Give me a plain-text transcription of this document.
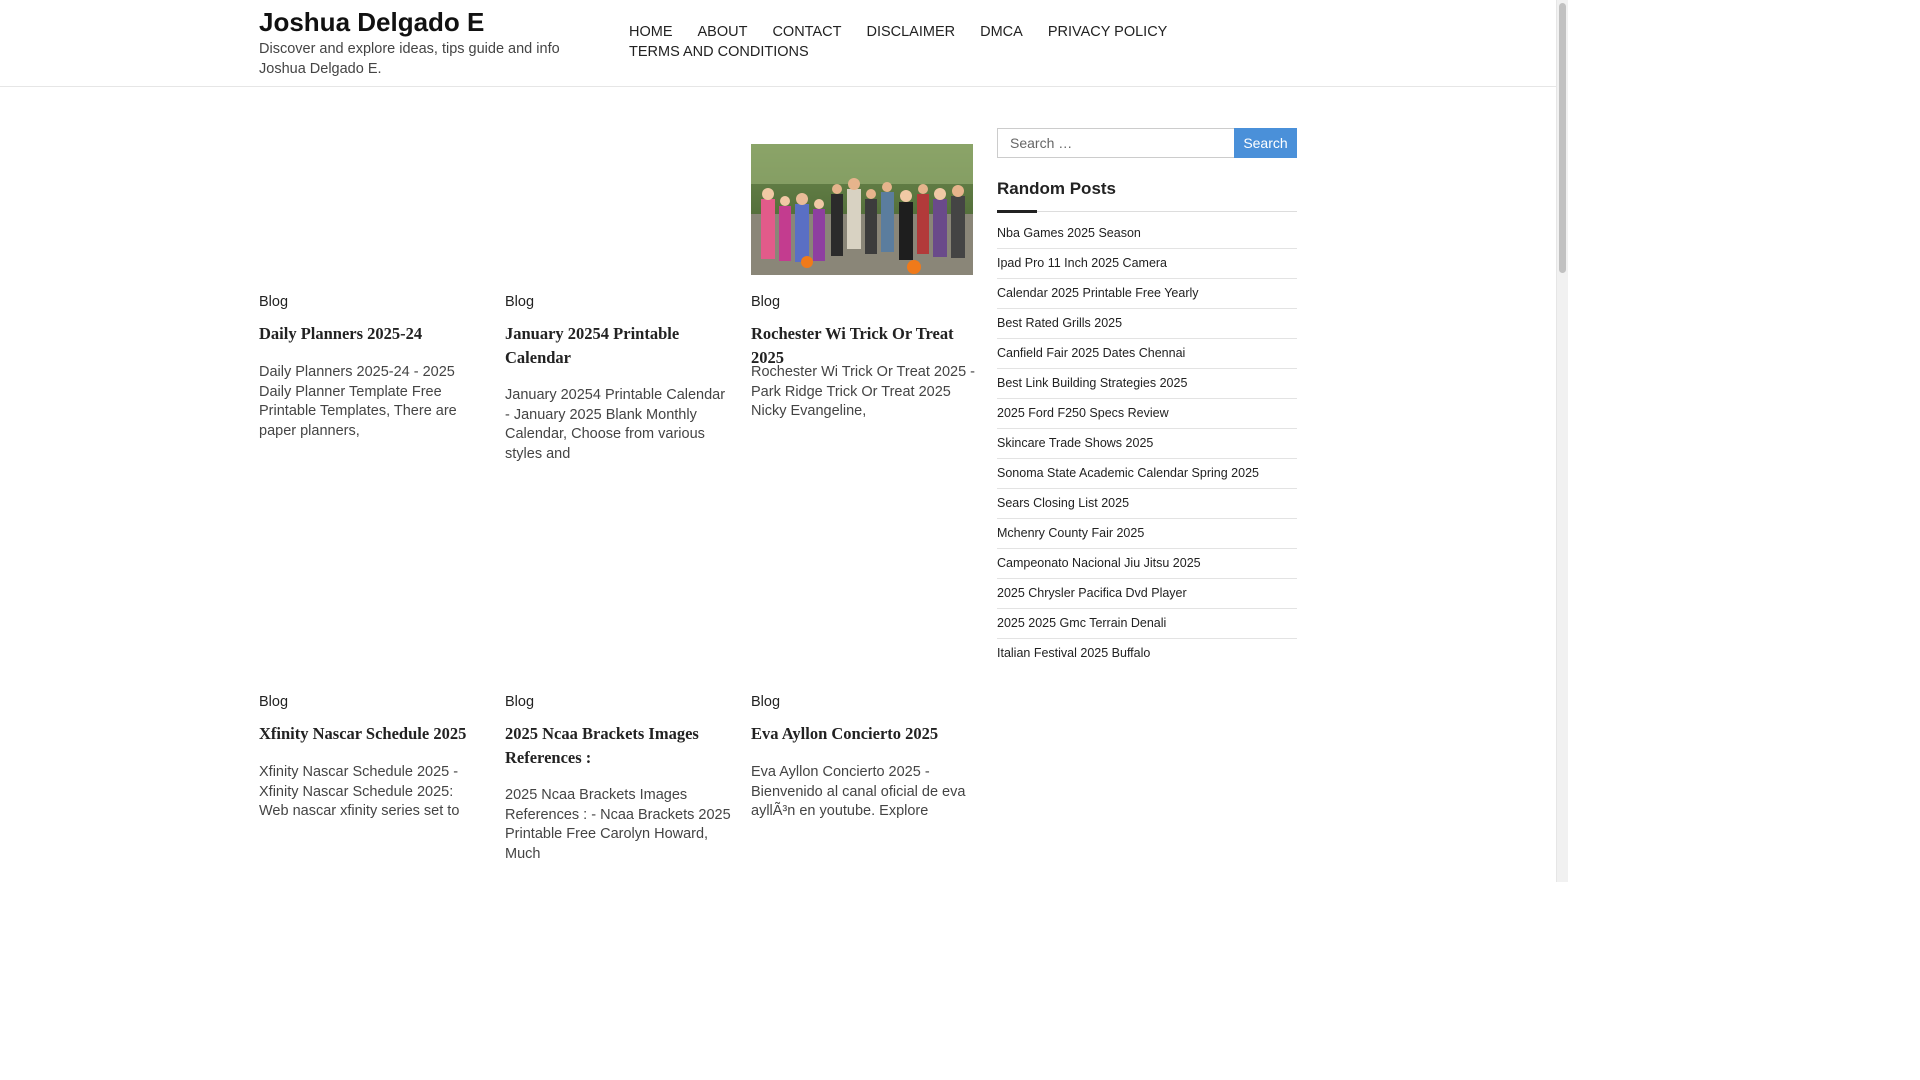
Joshua Delgado E
Discover and explore ideas, tips guide and info Joshua Delgado E.
HOME ABOUT CONTACT DISCLAIMER DMCA PRIVACY POLICY
TERMS AND CONDITIONS
Blog
Daily Planners 2025-24

Daily Planners 2025-24 - 2025 Daily Planner Template Free Printable Templates, There are paper planners,

Blog
January 20254 Printable Calendar

January 20254 Printable Calendar - January 2025 Blank Monthly Calendar, Choose from various styles and

Blog
Rochester Wi Trick Or Treat 2025

Rochester Wi Trick Or Treat 2025 - Park Ridge Trick Or Treat 2025 Nicky Evangeline,

Blog
Xfinity Nascar Schedule 2025

Xfinity Nascar Schedule 2025 - Xfinity Nascar Schedule 2025: Web nascar xfinity series set to

Blog
2025 Ncaa Brackets Images References :

2025 Ncaa Brackets Images References : - Ncaa Brackets 2025 Printable Free Carolyn Howard, Much

Blog
Eva Ayllon Concierto 2025

Eva Ayllon Concierto 2025 - Bienvenido al canal oficial de eva ayllÃ³n en youtube. Explore

Search …
Search
Random Posts
Nba Games 2025 Season
Ipad Pro 11 Inch 2025 Camera
Calendar 2025 Printable Free Yearly
Best Rated Grills 2025
Canfield Fair 2025 Dates Chennai
Best Link Building Strategies 2025
2025 Ford F250 Specs Review
Skincare Trade Shows 2025
Sonoma State Academic Calendar Spring 2025
Sears Closing List 2025
Mchenry County Fair 2025
Campeonato Nacional Jiu Jitsu 2025
2025 Chrysler Pacifica Dvd Player
2025 2025 Gmc Terrain Denali
Italian Festival 2025 Buffalo
